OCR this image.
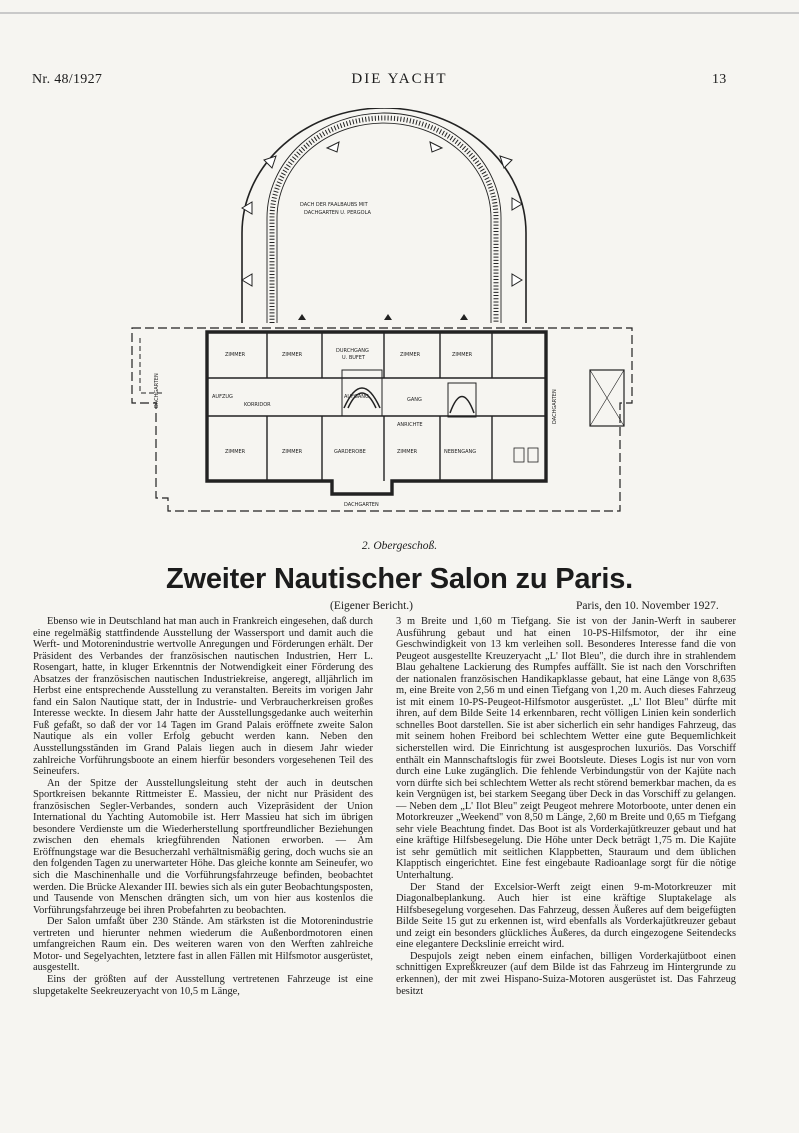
Nr. 48/1927	DIE YACHT	13
DACH DER FAALBAUBS MIT
DACHGARTEN U. PERGOLA
ZIMMER	ZIMMER
DURCHGANG
U. BUFET	ZIMMER	ZIMMER
AUFZUG
KORRIDOR
AUFGANG	GANG
ANRICHTE
ZIMMER	ZIMMER	GARDEROBE	ZIMMER	NEBENGANG
DACHGARTEN	DACHGARTEN
DACHGARTEN
2. Obergeschoß.
Zweiter Nautischer Salon zu Paris.
(Eigener Bericht.)	Paris, den 10. November 1927.

Ebenso wie in Deutschland hat man auch in Frankreich eingesehen, daß durch eine regelmäßig stattfindende Ausstellung der Wassersport und damit auch die Werft- und Motorenindustrie wertvolle Anregungen und Förderungen erhält. Der Präsident des Verbandes der französischen nautischen Industrien, Herr L. Rosengart, hatte, in kluger Erkenntnis der Notwendigkeit einer Förderung des Absatzes der französischen nautischen Industriekreise, angeregt, alljährlich im Herbst eine entsprechende Ausstellung zu veranstalten. Bereits im vorigen Jahr fand ein Salon Nautique statt, der in Industrie- und Verbraucherkreisen großes Interesse weckte. In diesem Jahr hatte der Ausstellungsgedanke auch weiterhin Fuß gefaßt, so daß der vor 14 Tagen im Grand Palais eröffnete zweite Salon Nautique als ein voller Erfolg gebucht werden kann. Neben den Ausstellungsständen im Grand Palais liegen auch in diesem Jahr wieder zahlreiche Vorführungsboote an einem hierfür besonders vorgesehenen Teil des Seineufers.

An der Spitze der Ausstellungsleitung steht der auch in deutschen Sportkreisen bekannte Rittmeister E. Massieu, der nicht nur Präsident des französischen Segler-Verbandes, sondern auch Vizepräsident der Union International du Yachting Automobile ist. Herr Massieu hat sich im übrigen besondere Verdienste um die Wiederherstellung sportfreundlicher Beziehungen zwischen den ehemals kriegführenden Nationen erworben. — Am Eröffnungstage war die Besucherzahl verhältnismäßig gering, doch wuchs sie an den folgenden Tagen zu unerwarteter Höhe. Das gleiche konnte am Seineufer, wo sich die Maschinenhalle und die Vorführungsfahrzeuge befinden, beobachtet werden. Die Brücke Alexander III. bewies sich als ein guter Beobachtungsposten, und Tausende von Menschen drängten sich, um von hier aus kostenlos die Vorführungsfahrzeuge bei ihren Probefahrten zu beobachten.

Der Salon umfaßt über 230 Stände. Am stärksten ist die Motorenindustrie vertreten und hierunter nehmen wiederum die Außenbordmotoren einen umfangreichen Raum ein. Des weiteren waren von den Werften zahlreiche Motor- und Segelyachten, letztere fast in allen Fällen mit Hilfsmotor ausgerüstet, ausgestellt.

Eins der größten auf der Ausstellung vertretenen Fahrzeuge ist eine slupgetakelte Seekreuzeryacht von 10,5 m Länge,

3 m Breite und 1,60 m Tiefgang. Sie ist von der Janin-Werft in sauberer Ausführung gebaut und hat einen 10-PS-Hilfsmotor, der ihr eine Geschwindigkeit von 13 km verleihen soll. Besonderes Interesse fand die von Peugeot ausgestellte Kreuzeryacht „L' Ilot Bleu", die durch ihre in strahlendem Blau gehaltene Lackierung des Rumpfes auffällt. Sie ist nach den Vorschriften der nationalen französischen Handikapklasse gebaut, hat eine Länge von 8,635 m, eine Breite von 2,56 m und einen Tiefgang von 1,20 m. Auch dieses Fahrzeug ist mit einem 10-PS-Peugeot-Hilfsmotor ausgerüstet. „L' Ilot Bleu" dürfte mit ihren, auf dem Bilde Seite 14 erkennbaren, recht völligen Linien kein sonderlich schnelles Boot darstellen. Sie ist aber sicherlich ein sehr handiges Fahrzeug, das mit seinem hohen Freibord bei schlechtem Wetter eine gute Bequemlichkeit sicherstellen wird. Die Einrichtung ist ausgesprochen luxuriös. Das Vorschiff enthält ein Mannschaftslogis für zwei Bootsleute. Dieses Logis ist nur von vorn durch eine Luke zugänglich. Die fehlende Verbindungstür von der Kajüte nach vorn dürfte sich bei schlechtem Wetter als recht störend bemerkbar machen, da es kein Vergnügen ist, bei starkem Seegang über Deck in das Vorschiff zu gelangen. — Neben dem „L' Ilot Bleu" zeigt Peugeot mehrere Motorboote, unter denen ein Motorkreuzer „Weekend" von 8,50 m Länge, 2,60 m Breite und 0,65 m Tiefgang sehr viele Beachtung findet. Das Boot ist als Vorderkajütkreuzer gebaut und hat eine kräftige Hilfsbesegelung. Die Höhe unter Deck beträgt 1,75 m. Die Kajüte ist sehr gemütlich mit seitlichen Klappbetten, Stauraum und dem üblichen Klapptisch eingerichtet. Eine fest eingebaute Radioanlage sorgt für die nötige Unterhaltung.

Der Stand der Excelsior-Werft zeigt einen 9-m-Motorkreuzer mit Diagonalbeplankung. Auch hier ist eine kräftige Sluptakelage als Hilfsbesegelung vorgesehen. Das Fahrzeug, dessen Äußeres auf dem beigefügten Bilde Seite 15 gut zu erkennen ist, wird ebenfalls als Vorderkajütkreuzer gebaut und zeigt ein besonders glückliches Äußeres, da durch eingezogene Seitendecks eine elegantere Deckslinie erreicht wird.

Despujols zeigt neben einem einfachen, billigen Vorderkajütboot einen schnittigen Expreßkreuzer (auf dem Bilde ist das Fahrzeug im Hintergrunde zu erkennen), der mit zwei Hispano-Suiza-Motoren ausgerüstet ist. Das Fahrzeug besitzt
